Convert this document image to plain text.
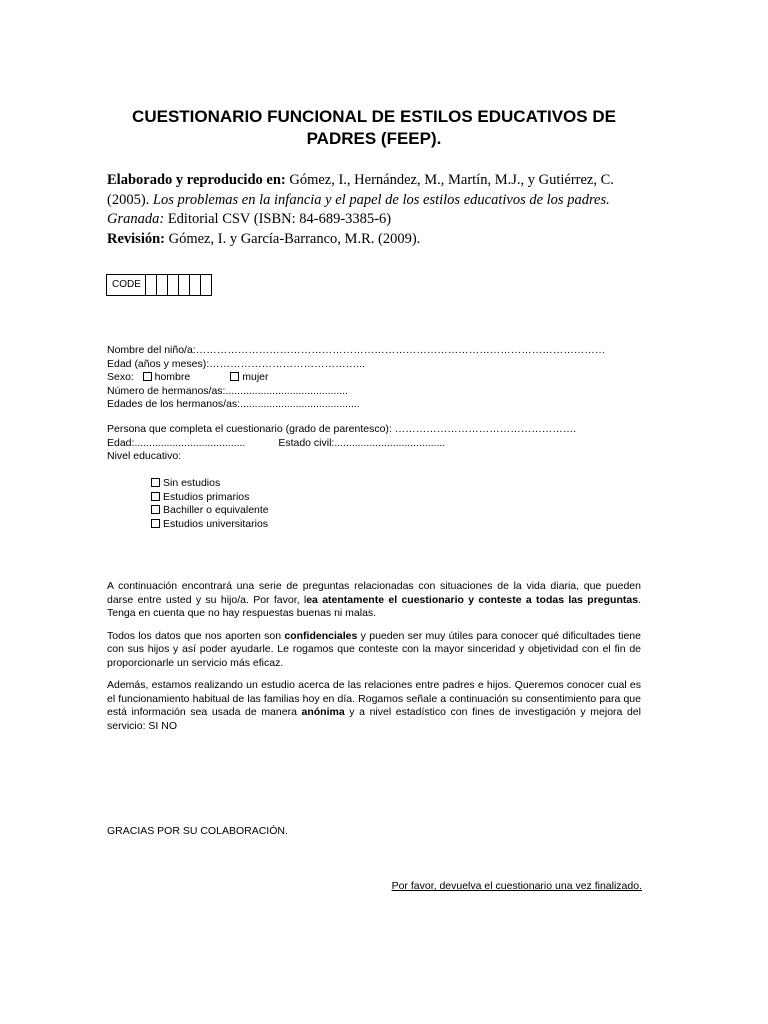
CUESTIONARIO FUNCIONAL DE ESTILOS EDUCATIVOS DE
PADRES (FEEP).
Elaborado y reproducido en: Gómez, I., Hernández, M., Martín, M.J., y Gutiérrez, C.
(2005). Los problemas en la infancia y el papel de los estilos educativos de los padres.
Granada: Editorial CSV (ISBN: 84-689-3385-6)
Revisión: Gómez, I. y García-Barranco, M.R. (2009).
CODE
Nombre del niño/a:………………………………………………………………………………………………………
Edad (años y meses):……………………………………...
Sexo: hombre	mujer
Número de hermanos/as:..........................................
Edades de los hermanos/as:.........................................
Persona que completa el cuestionario (grado de parentesco): …………………………………………….
Edad:......................................	Estado civil:......................................
Nivel educativo:
Sin estudios
Estudios primarios
Bachiller o equivalente
Estudios universitarios

A continuación encontrará una serie de preguntas relacionadas con situaciones de la vida diaria, que pueden darse entre usted y su hijo/a. Por favor, lea atentamente el cuestionario y conteste a todas las preguntas. Tenga en cuenta que no hay respuestas buenas ni malas.

Todos los datos que nos aporten son confidenciales y pueden ser muy útiles para conocer qué dificultades tiene con sus hijos y así poder ayudarle. Le rogamos que conteste con la mayor sinceridad y objetividad con el fin de proporcionarle un servicio más eficaz.

Además, estamos realizando un estudio acerca de las relaciones entre padres e hijos. Queremos conocer cual es el funcionamiento habitual de las familias hoy en día. Rogamos señale a continuación su consentimiento para que está información sea usada de manera anónima y a nivel estadístico con fines de investigación y mejora del servicio: SI NO

GRACIAS POR SU COLABORACIÓN.
Por favor, devuelva el cuestionario una vez finalizado.
